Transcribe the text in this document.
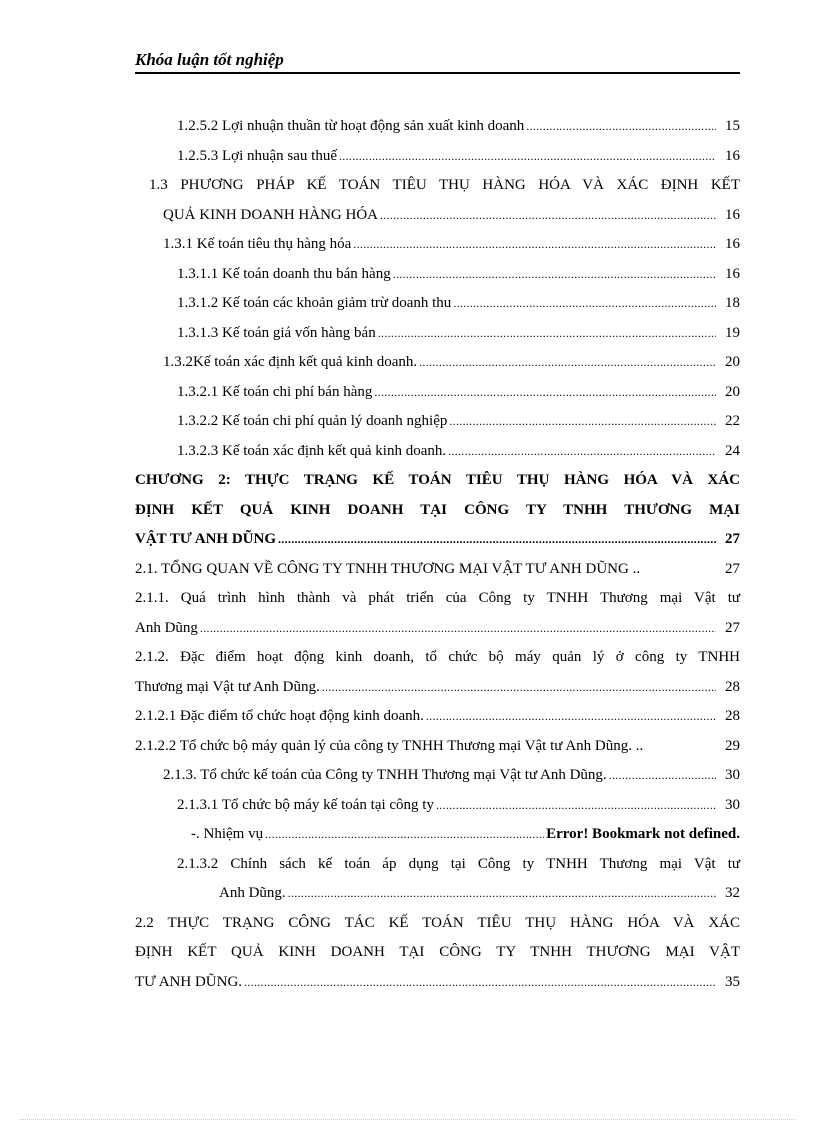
Khóa luận tốt nghiệp
1.2.5.2 Lợi nhuận thuần từ hoạt động sản xuất kinh doanh .....	15
1.2.5.3 Lợi nhuận sau thuế .....	16
1.3 PHƯƠNG PHÁP KẾ TOÁN TIÊU THỤ HÀNG HÓA VÀ XÁC ĐỊNH KẾT
QUẢ KINH DOANH HÀNG HÓA .....	16
1.3.1 Kế toán tiêu thụ hàng hóa .....	16
1.3.1.1 Kế toán doanh thu bán hàng .....	16
1.3.1.2 Kế toán các khoản giảm trừ doanh thu .....	18
1.3.1.3 Kế toán giá vốn hàng bán .....	19
1.3.2Kế toán xác định kết quả kinh doanh. .....	20
1.3.2.1 Kế toán chi phí bán hàng .....	20
1.3.2.2 Kế toán chi phí quản lý doanh nghiệp .....	22
1.3.2.3 Kế toán xác định kết quả kinh doanh. .....	24
CHƯƠNG 2: THỰC TRẠNG KẾ TOÁN TIÊU THỤ HÀNG HÓA VÀ XÁC
ĐỊNH KẾT QUẢ KINH DOANH TẠI CÔNG TY TNHH THƯƠNG MẠI
VẬT TƯ ANH DŨNG .....	27
2.1. TỔNG QUAN VỀ CÔNG TY TNHH THƯƠNG MẠI VẬT TƯ ANH DŨNG ..	27
2.1.1. Quá trình hình thành và phát triển của Công ty TNHH Thương mại Vật tư
Anh Dũng .....	27
2.1.2. Đặc điểm hoạt động kinh doanh, tổ chức bộ máy quản lý ở công ty TNHH
Thương mại Vật tư Anh Dũng. .....	28
2.1.2.1 Đặc điểm tổ chức hoạt động kinh doanh. .....	28
2.1.2.2 Tổ chức bộ máy quản lý của công ty TNHH Thương mại Vật tư Anh Dũng. ..	29
2.1.3. Tổ chức kế toán của Công ty TNHH Thương mại Vật tư Anh Dũng. .....	30
2.1.3.1 Tổ chức bộ máy kế toán tại công ty .....	30
-. Nhiệm vụ .....	Error! Bookmark not defined.
2.1.3.2 Chính sách kế toán áp dụng tại Công ty TNHH Thương mại Vật tư
Anh Dũng. .....	32
2.2 THỰC TRẠNG CÔNG TÁC KẾ TOÁN TIÊU THỤ HÀNG HÓA VÀ XÁC
ĐỊNH KẾT QUẢ KINH DOANH TẠI CÔNG TY TNHH THƯƠNG MẠI VẬT
TƯ ANH DŨNG. .....	35
